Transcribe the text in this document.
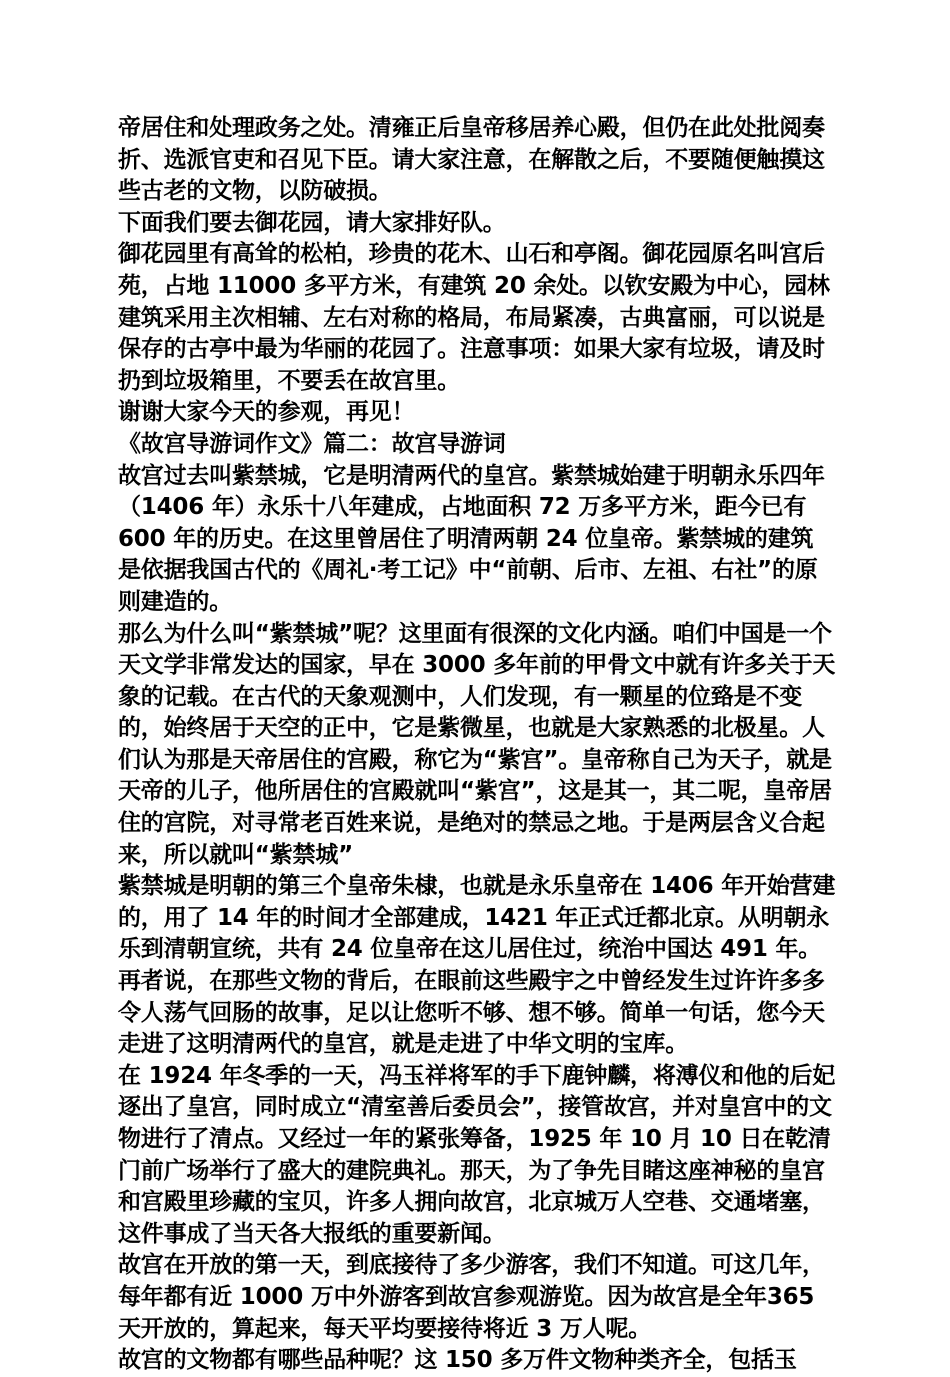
帝居住和处理政务之处。清雍正后皇帝移居养心殿，但仍在此处批阅奏折、选派官吏和召见下臣。请大家注意，在解散之后，不要随便触摸这些古老的文物，以防破损。

下面我们要去御花园，请大家排好队。

御花园里有高耸的松柏，珍贵的花木、山石和亭阁。御花园原名叫宫后苑，占地 11000 多平方米，有建筑 20 余处。以钦安殿为中心，园林建筑采用主次相辅、左右对称的格局，布局紧凑，古典富丽，可以说是保存的古亭中最为华丽的花园了。注意事项：如果大家有垃圾，请及时扔到垃圾箱里，不要丢在故宫里。

谢谢大家今天的参观，再见！

《故宫导游词作文》篇二：故宫导游词

故宫过去叫紫禁城，它是明清两代的皇宫。紫禁城始建于明朝永乐四年（1406 年）永乐十八年建成，占地面积 72 万多平方米，距今已有 600 年的历史。在这里曾居住了明清两朝 24 位皇帝。紫禁城的建筑是依据我国古代的《周礼·考工记》中“前朝、后市、左祖、右社”的原则建造的。

那么为什么叫“紫禁城”呢？这里面有很深的文化内涵。咱们中国是一个天文学非常发达的国家，早在 3000 多年前的甲骨文中就有许多关于天象的记载。在古代的天象观测中，人们发现，有一颗星的位臵是不变的，始终居于天空的正中，它是紫微星，也就是大家熟悉的北极星。人们认为那是天帝居住的宫殿，称它为“紫宫”。皇帝称自己为天子，就是天帝的儿子，他所居住的宫殿就叫“紫宫”，这是其一，其二呢，皇帝居住的宫院，对寻常老百姓来说，是绝对的禁忌之地。于是两层含义合起来，所以就叫“紫禁城”

紫禁城是明朝的第三个皇帝朱棣，也就是永乐皇帝在 1406 年开始营建的，用了 14 年的时间才全部建成，1421 年正式迁都北京。从明朝永乐到清朝宣统，共有 24 位皇帝在这儿居住过，统治中国达 491 年。

再者说，在那些文物的背后，在眼前这些殿宇之中曾经发生过许许多多令人荡气回肠的故事，足以让您听不够、想不够。简单一句话，您今天走进了这明清两代的皇宫，就是走进了中华文明的宝库。

在 1924 年冬季的一天，冯玉祥将军的手下鹿钟麟，将溥仪和他的后妃逐出了皇宫，同时成立“清室善后委员会”，接管故宫，并对皇宫中的文物进行了清点。又经过一年的紧张筹备，1925 年 10 月 10 日在乾清门前广场举行了盛大的建院典礼。那天，为了争先目睹这座神秘的皇宫和宫殿里珍藏的宝贝，许多人拥向故宫，北京城万人空巷、交通堵塞，这件事成了当天各大报纸的重要新闻。

故宫在开放的第一天，到底接待了多少游客，我们不知道。可这几年，每年都有近 1000 万中外游客到故宫参观游览。因为故宫是全年365 天开放的，算起来，每天平均要接待将近 3 万人呢。

故宫的文物都有哪些品种呢？这 150 多万件文物种类齐全，包括玉
